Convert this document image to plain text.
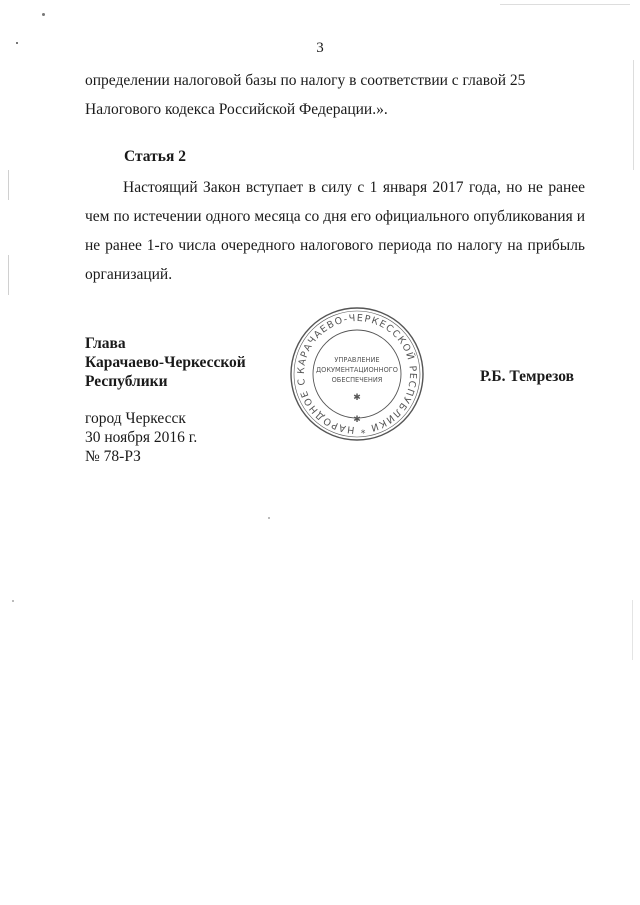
3
определении налоговой базы по налогу в соответствии с главой 25 Налогового кодекса Российской Федерации.».
Статья 2
Настоящий Закон вступает в силу с 1 января 2017 года, но не ранее чем по истечении одного месяца со дня его официального опубликования и не ранее 1-го числа очередного налогового периода по налогу на прибыль организаций.
Глава
Карачаево-Черкесской
Республики
КАРАЧАЕВО-ЧЕРКЕССКОЙ РЕСПУБЛИКИ * НАРОДНОЕ С
УПРАВЛЕНИЕ
ДОКУМЕНТАЦИОННОГО
ОБЕСПЕЧЕНИЯ
✱
✱
Р.Б. Темрезов
город Черкесск
30 ноября 2016 г.
№ 78-РЗ
